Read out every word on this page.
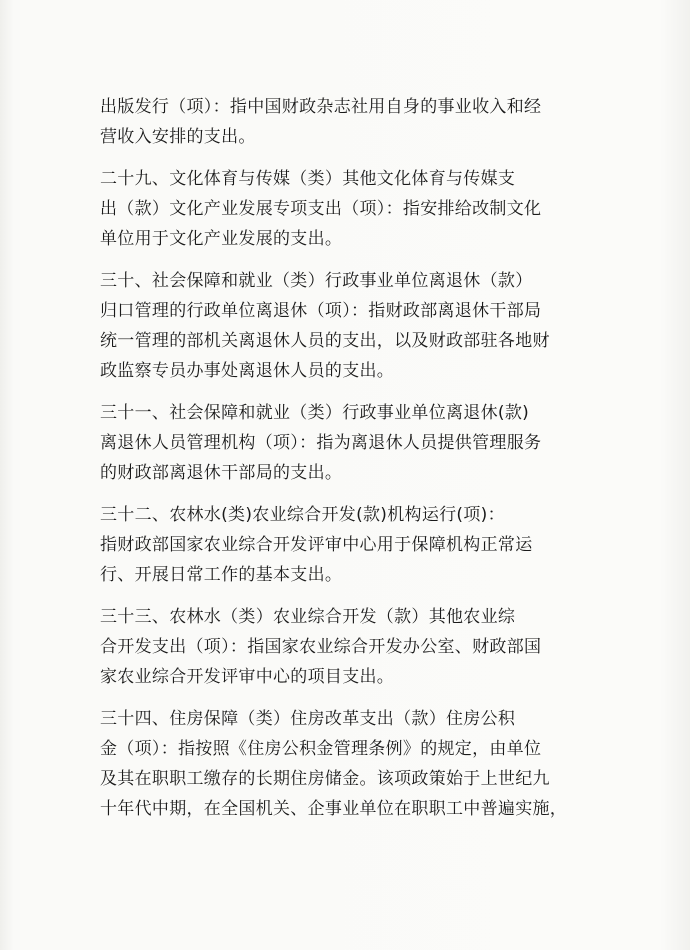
出版发行（项）：指中国财政杂志社用自身的事业收入和经
营收入安排的支出。
二十九、文化体育与传媒（类）其他文化体育与传媒支
出（款）文化产业发展专项支出（项）：指安排给改制文化
单位用于文化产业发展的支出。
三十、社会保障和就业（类）行政事业单位离退休（款）
归口管理的行政单位离退休（项）：指财政部离退休干部局
统一管理的部机关离退休人员的支出，以及财政部驻各地财
政监察专员办事处离退休人员的支出。
三十一、社会保障和就业（类）行政事业单位离退休(款)
离退休人员管理机构（项）：指为离退休人员提供管理服务
的财政部离退休干部局的支出。
三十二、农林水(类)农业综合开发(款)机构运行(项)：
指财政部国家农业综合开发评审中心用于保障机构正常运
行、开展日常工作的基本支出。
三十三、农林水（类）农业综合开发（款）其他农业综
合开发支出（项）：指国家农业综合开发办公室、财政部国
家农业综合开发评审中心的项目支出。
三十四、住房保障（类）住房改革支出（款）住房公积
金（项）：指按照《住房公积金管理条例》的规定，由单位
及其在职职工缴存的长期住房储金。该项政策始于上世纪九
十年代中期，在全国机关、企事业单位在职职工中普遍实施，
